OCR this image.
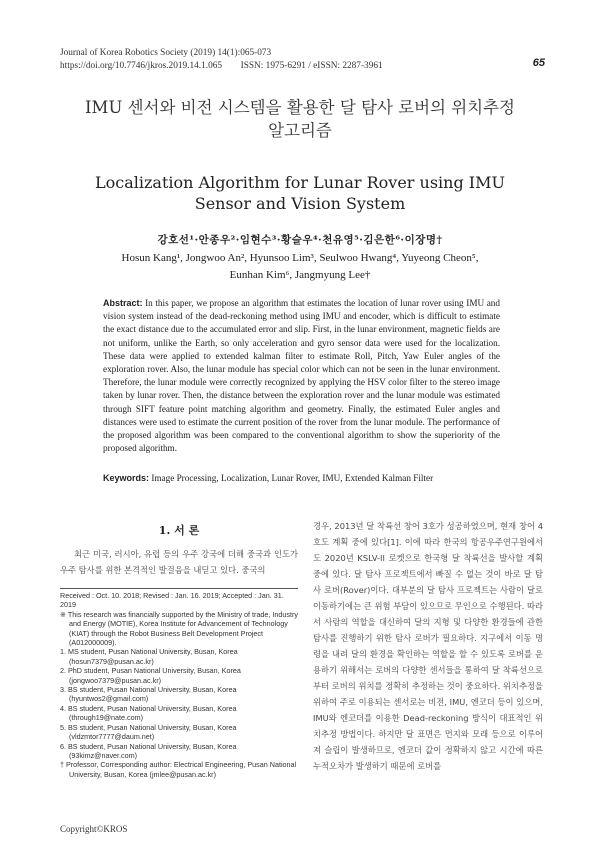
Journal of Korea Robotics Society (2019) 14(1):065-073
https://doi.org/10.7746/jkros.2019.14.1.065        ISSN: 1975-6291 / eISSN: 2287-3961	65
IMU 센서와 비전 시스템을 활용한 달 탐사 로버의 위치추정
알고리즘
Localization Algorithm for Lunar Rover using IMU
Sensor and Vision System
강호선¹·안종우²·임현수³·황슬우⁴·천유영⁵·김은한⁶·이장명†
Hosun Kang¹, Jongwoo An², Hyunsoo Lim³, Seulwoo Hwang⁴, Yuyeong Cheon⁵,
Eunhan Kim⁶, Jangmyung Lee†
Abstract: In this paper, we propose an algorithm that estimates the location of lunar rover using IMU and vision system instead of the dead-reckoning method using IMU and encoder, which is difficult to estimate the exact distance due to the accumulated error and slip. First, in the lunar environment, magnetic fields are not uniform, unlike the Earth, so only acceleration and gyro sensor data were used for the localization. These data were applied to extended kalman filter to estimate Roll, Pitch, Yaw Euler angles of the exploration rover. Also, the lunar module has special color which can not be seen in the lunar environment. Therefore, the lunar module were correctly recognized by applying the HSV color filter to the stereo image taken by lunar rover. Then, the distance between the exploration rover and the lunar module was estimated through SIFT feature point matching algorithm and geometry. Finally, the estimated Euler angles and distances were used to estimate the current position of the rover from the lunar module. The performance of the proposed algorithm was been compared to the conventional algorithm to show the superiority of the proposed algorithm.
Keywords: Image Processing, Localization, Lunar Rover, IMU, Extended Kalman Filter
1. 서 론
최근 미국, 러시아, 유럽 등의 우주 강국에 더해 중국과 인도가 우주 탐사를 위한 본격적인 발걸음을 내딛고 있다. 중국의

Received : Oct. 10. 2018; Revised : Jan. 16. 2019; Accepted : Jan. 31. 2019

※ This research was financially supported by the Ministry of trade, Industry and Energy (MOTIE), Korea Institute for Advancement of Technology (KIAT) through the Robot Business Belt Development Project (A012000009).

1. MS student, Pusan National University, Busan, Korea (hosun7379@pusan.ac.kr)

2. PhD student, Pusan National University, Busan, Korea (jongwoo7379@pusan.ac.kr)

3. BS student, Pusan National University, Busan, Korea (hyuntwos2@gmail.com)

4. BS student, Pusan National University, Busan, Korea (through19@nate.com)

5. BS student, Pusan National University, Busan, Korea (vldzmtor7777@daum.net)

6. BS student, Pusan National University, Busan, Korea (93kimz@naver.com)

† Professor, Corresponding author: Electrical Engineering, Pusan National University, Busan, Korea (jmlee@pusan.ac.kr)

Copyright©KROS
경우, 2013년 달 착륙선 창어 3호가 성공하였으며, 현재 창어 4호도 계획 중에 있다[1]. 이에 따라 한국의 항공우주연구원에서도 2020년 KSLV-II 로켓으로 한국형 달 착륙선을 발사할 계획 중에 있다. 달 탐사 프로젝트에서 빠질 수 없는 것이 바로 달 탐사 로버(Rover)이다. 대부분의 달 탐사 프로젝트는 사람이 달로 이동하기에는 큰 위험 부담이 있으므로 무인으로 수행된다. 따라서 사람의 역할을 대신하여 달의 지형 및 다양한 환경들에 관한 탐사를 진행하기 위한 탐사 로버가 필요하다. 지구에서 이동 명령을 내려 달의 환경을 확인하는 역할을 할 수 있도록 로버를 운용하기 위해서는 로버의 다양한 센서들을 통하여 달 착륙선으로부터 로버의 위치를 정확히 추정하는 것이 중요하다. 위치추정을 위하여 주로 이용되는 센서로는 비전, IMU, 엔코더 등이 있으며, IMU와 엔코더를 이용한 Dead-reckoning 방식이 대표적인 위치추정 방법이다. 하지만 달 표면은 먼지와 모래 등으로 이루어져 슬립이 발생하므로, 엔코더 값이 정확하지 않고 시간에 따른 누적오차가 발생하기 때문에 로버를
